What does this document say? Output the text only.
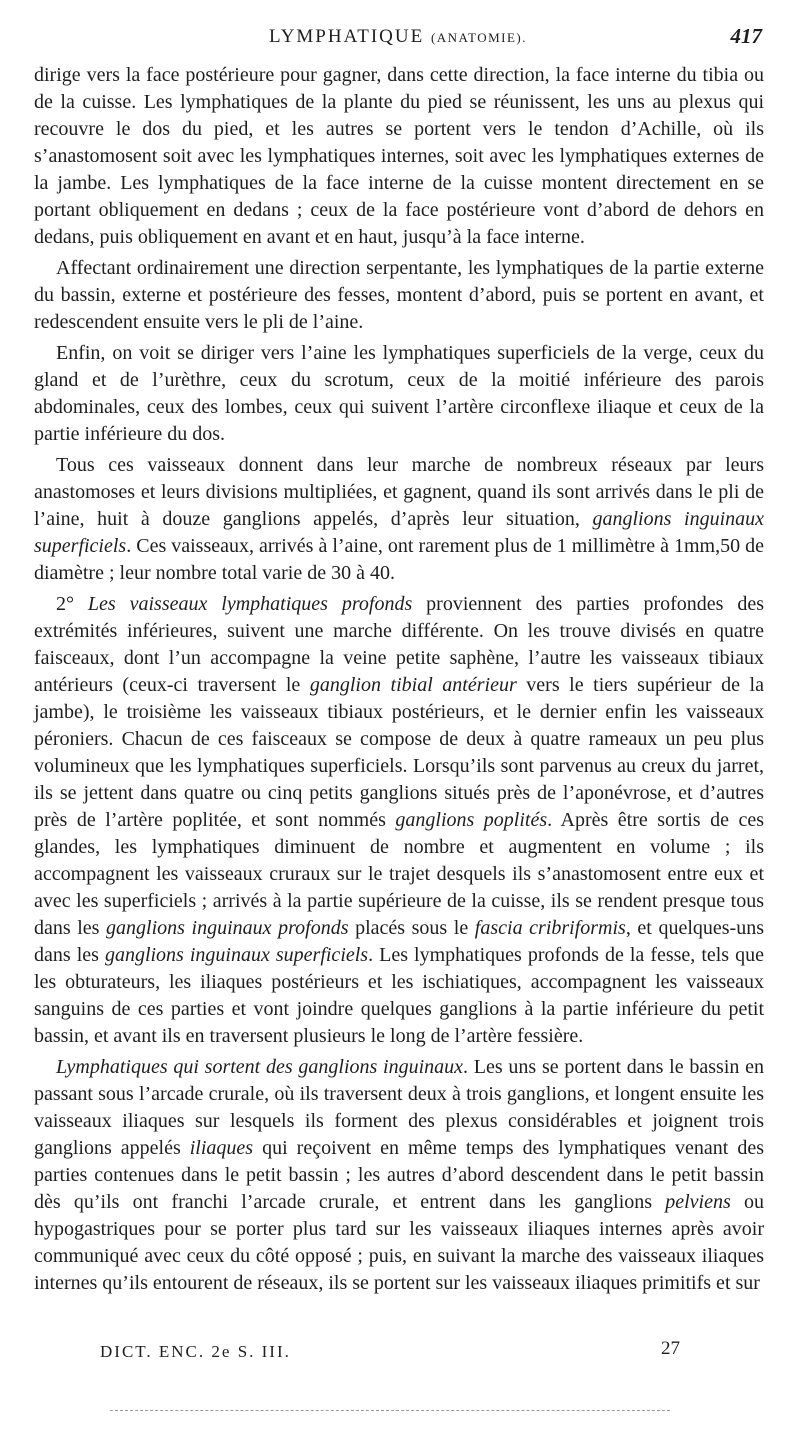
LYMPHATIQUE (ANATOMIE).	417

dirige vers la face postérieure pour gagner, dans cette direction, la face interne du tibia ou de la cuisse. Les lymphatiques de la plante du pied se réunissent, les uns au plexus qui recouvre le dos du pied, et les autres se portent vers le tendon d’Achille, où ils s’anastomosent soit avec les lymphatiques internes, soit avec les lymphatiques externes de la jambe. Les lymphatiques de la face interne de la cuisse montent directement en se portant obliquement en dedans ; ceux de la face postérieure vont d’abord de dehors en dedans, puis obliquement en avant et en haut, jusqu’à la face interne.

Affectant ordinairement une direction serpentante, les lymphatiques de la partie externe du bassin, externe et postérieure des fesses, montent d’abord, puis se portent en avant, et redescendent ensuite vers le pli de l’aine.

Enfin, on voit se diriger vers l’aine les lymphatiques superficiels de la verge, ceux du gland et de l’urèthre, ceux du scrotum, ceux de la moitié inférieure des parois abdominales, ceux des lombes, ceux qui suivent l’artère circonflexe iliaque et ceux de la partie inférieure du dos.

Tous ces vaisseaux donnent dans leur marche de nombreux réseaux par leurs anastomoses et leurs divisions multipliées, et gagnent, quand ils sont arrivés dans le pli de l’aine, huit à douze ganglions appelés, d’après leur situation, ganglions inguinaux superficiels. Ces vaisseaux, arrivés à l’aine, ont rarement plus de 1 millimètre à 1mm,50 de diamètre ; leur nombre total varie de 30 à 40.

2° Les vaisseaux lymphatiques profonds proviennent des parties profondes des extrémités inférieures, suivent une marche différente. On les trouve divisés en quatre faisceaux, dont l’un accompagne la veine petite saphène, l’autre les vaisseaux tibiaux antérieurs (ceux-ci traversent le ganglion tibial antérieur vers le tiers supérieur de la jambe), le troisième les vaisseaux tibiaux postérieurs, et le dernier enfin les vaisseaux péroniers. Chacun de ces faisceaux se compose de deux à quatre rameaux un peu plus volumineux que les lymphatiques superficiels. Lorsqu’ils sont parvenus au creux du jarret, ils se jettent dans quatre ou cinq petits ganglions situés près de l’aponévrose, et d’autres près de l’artère poplitée, et sont nommés ganglions poplités. Après être sortis de ces glandes, les lymphatiques diminuent de nombre et augmentent en volume ; ils accompagnent les vaisseaux cruraux sur le trajet desquels ils s’anastomosent entre eux et avec les superficiels ; arrivés à la partie supérieure de la cuisse, ils se rendent presque tous dans les ganglions inguinaux profonds placés sous le fascia cribriformis, et quelques-uns dans les ganglions inguinaux superficiels. Les lymphatiques profonds de la fesse, tels que les obturateurs, les iliaques postérieurs et les ischiatiques, accompagnent les vaisseaux sanguins de ces parties et vont joindre quelques ganglions à la partie inférieure du petit bassin, et avant ils en traversent plusieurs le long de l’artère fessière.

Lymphatiques qui sortent des ganglions inguinaux. Les uns se portent dans le bassin en passant sous l’arcade crurale, où ils traversent deux à trois ganglions, et longent ensuite les vaisseaux iliaques sur lesquels ils forment des plexus considérables et joignent trois ganglions appelés iliaques qui reçoivent en même temps des lymphatiques venant des parties contenues dans le petit bassin ; les autres d’abord descendent dans le petit bassin dès qu’ils ont franchi l’arcade crurale, et entrent dans les ganglions pelviens ou hypogastriques pour se porter plus tard sur les vaisseaux iliaques internes après avoir communiqué avec ceux du côté opposé ; puis, en suivant la marche des vaisseaux iliaques internes qu’ils entourent de réseaux, ils se portent sur les vaisseaux iliaques primitifs et sur

DICT. ENC. 2e S. III.	27
